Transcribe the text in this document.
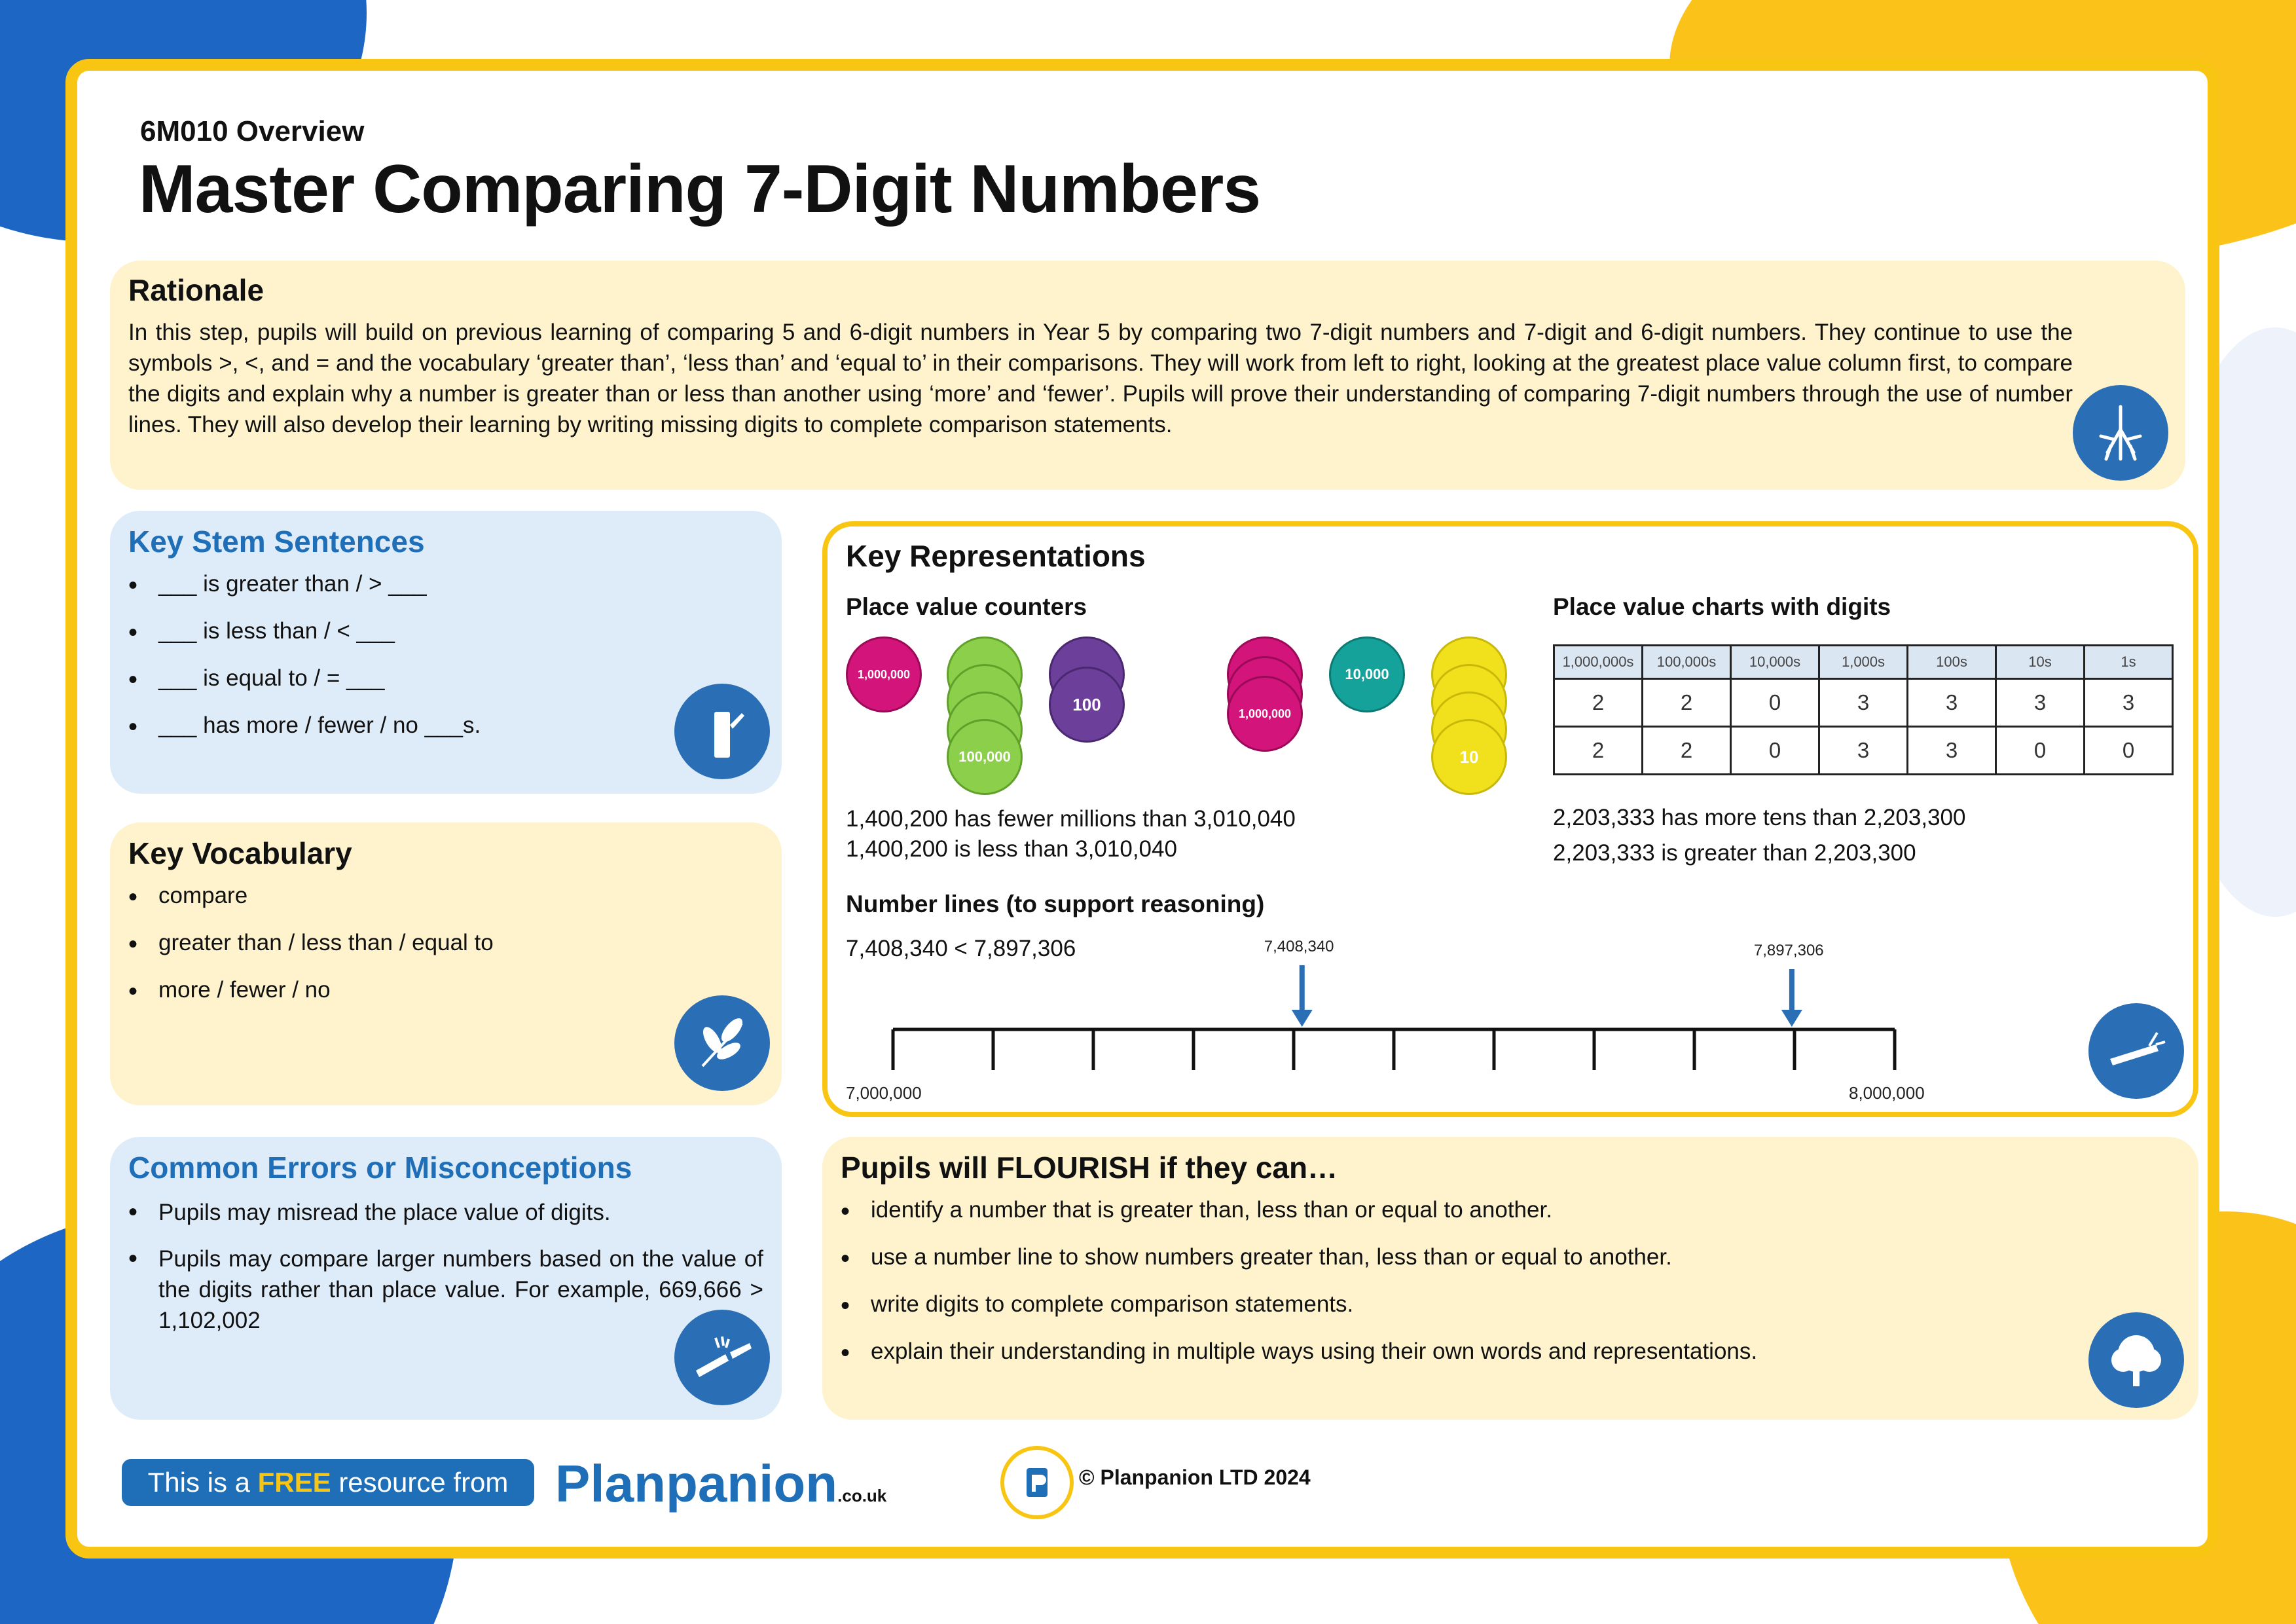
6M010 Overview
Master Comparing 7-Digit Numbers
Rationale
In this step, pupils will build on previous learning of comparing 5 and 6-digit numbers in Year 5 by comparing two 7-digit numbers and 7-digit and 6-digit numbers. They continue to use the symbols >, <, and = and the vocabulary ‘greater than’, ‘less than’ and ‘equal to’ in their comparisons. They will work from left to right, looking at the greatest place value column first, to compare the digits and explain why a number is greater than or less than another using ‘more’ and ‘fewer’. Pupils will prove their understanding of comparing 7-digit numbers through the use of number lines. They will also develop their learning by writing missing digits to complete comparison statements.
Key Stem Sentences
• ___ is greater than / > ___
• ___ is less than / < ___
• ___ is equal to / = ___
• ___ has more / fewer / no ___s.
Key Vocabulary
• compare
• greater than / less than / equal to
• more / fewer / no
Common Errors or Misconceptions
• Pupils may misread the place value of digits.
• Pupils may compare larger numbers based on the value of the digits rather than place value. For example, 669,666 > 1,102,002
Key Representations
Place value counters
1,000,000
100,000
100	1,000,000
10,000
10
1,400,200 has fewer millions than 3,010,040
1,400,200 is less than 3,010,040
Place value charts with digits
1,000,000s	100,000s	10,000s	1,000s	100s	10s	1s
2	2	0	3	3	3	3
2	2	0	3	3	0	0
2,203,333 has more tens than 2,203,300
2,203,333 is greater than 2,203,300
Number lines (to support reasoning)
7,408,340 < 7,897,306	7,408,340	7,897,306
7,000,000	8,000,000
Pupils will FLOURISH if they can…
• identify a number that is greater than, less than or equal to another.
• use a number line to show numbers greater than, less than or equal to another.
• write digits to complete comparison statements.
• explain their understanding in multiple ways using their own words and representations.
This is a FREE resource from Planpanion.co.uk
© Planpanion LTD 2024
